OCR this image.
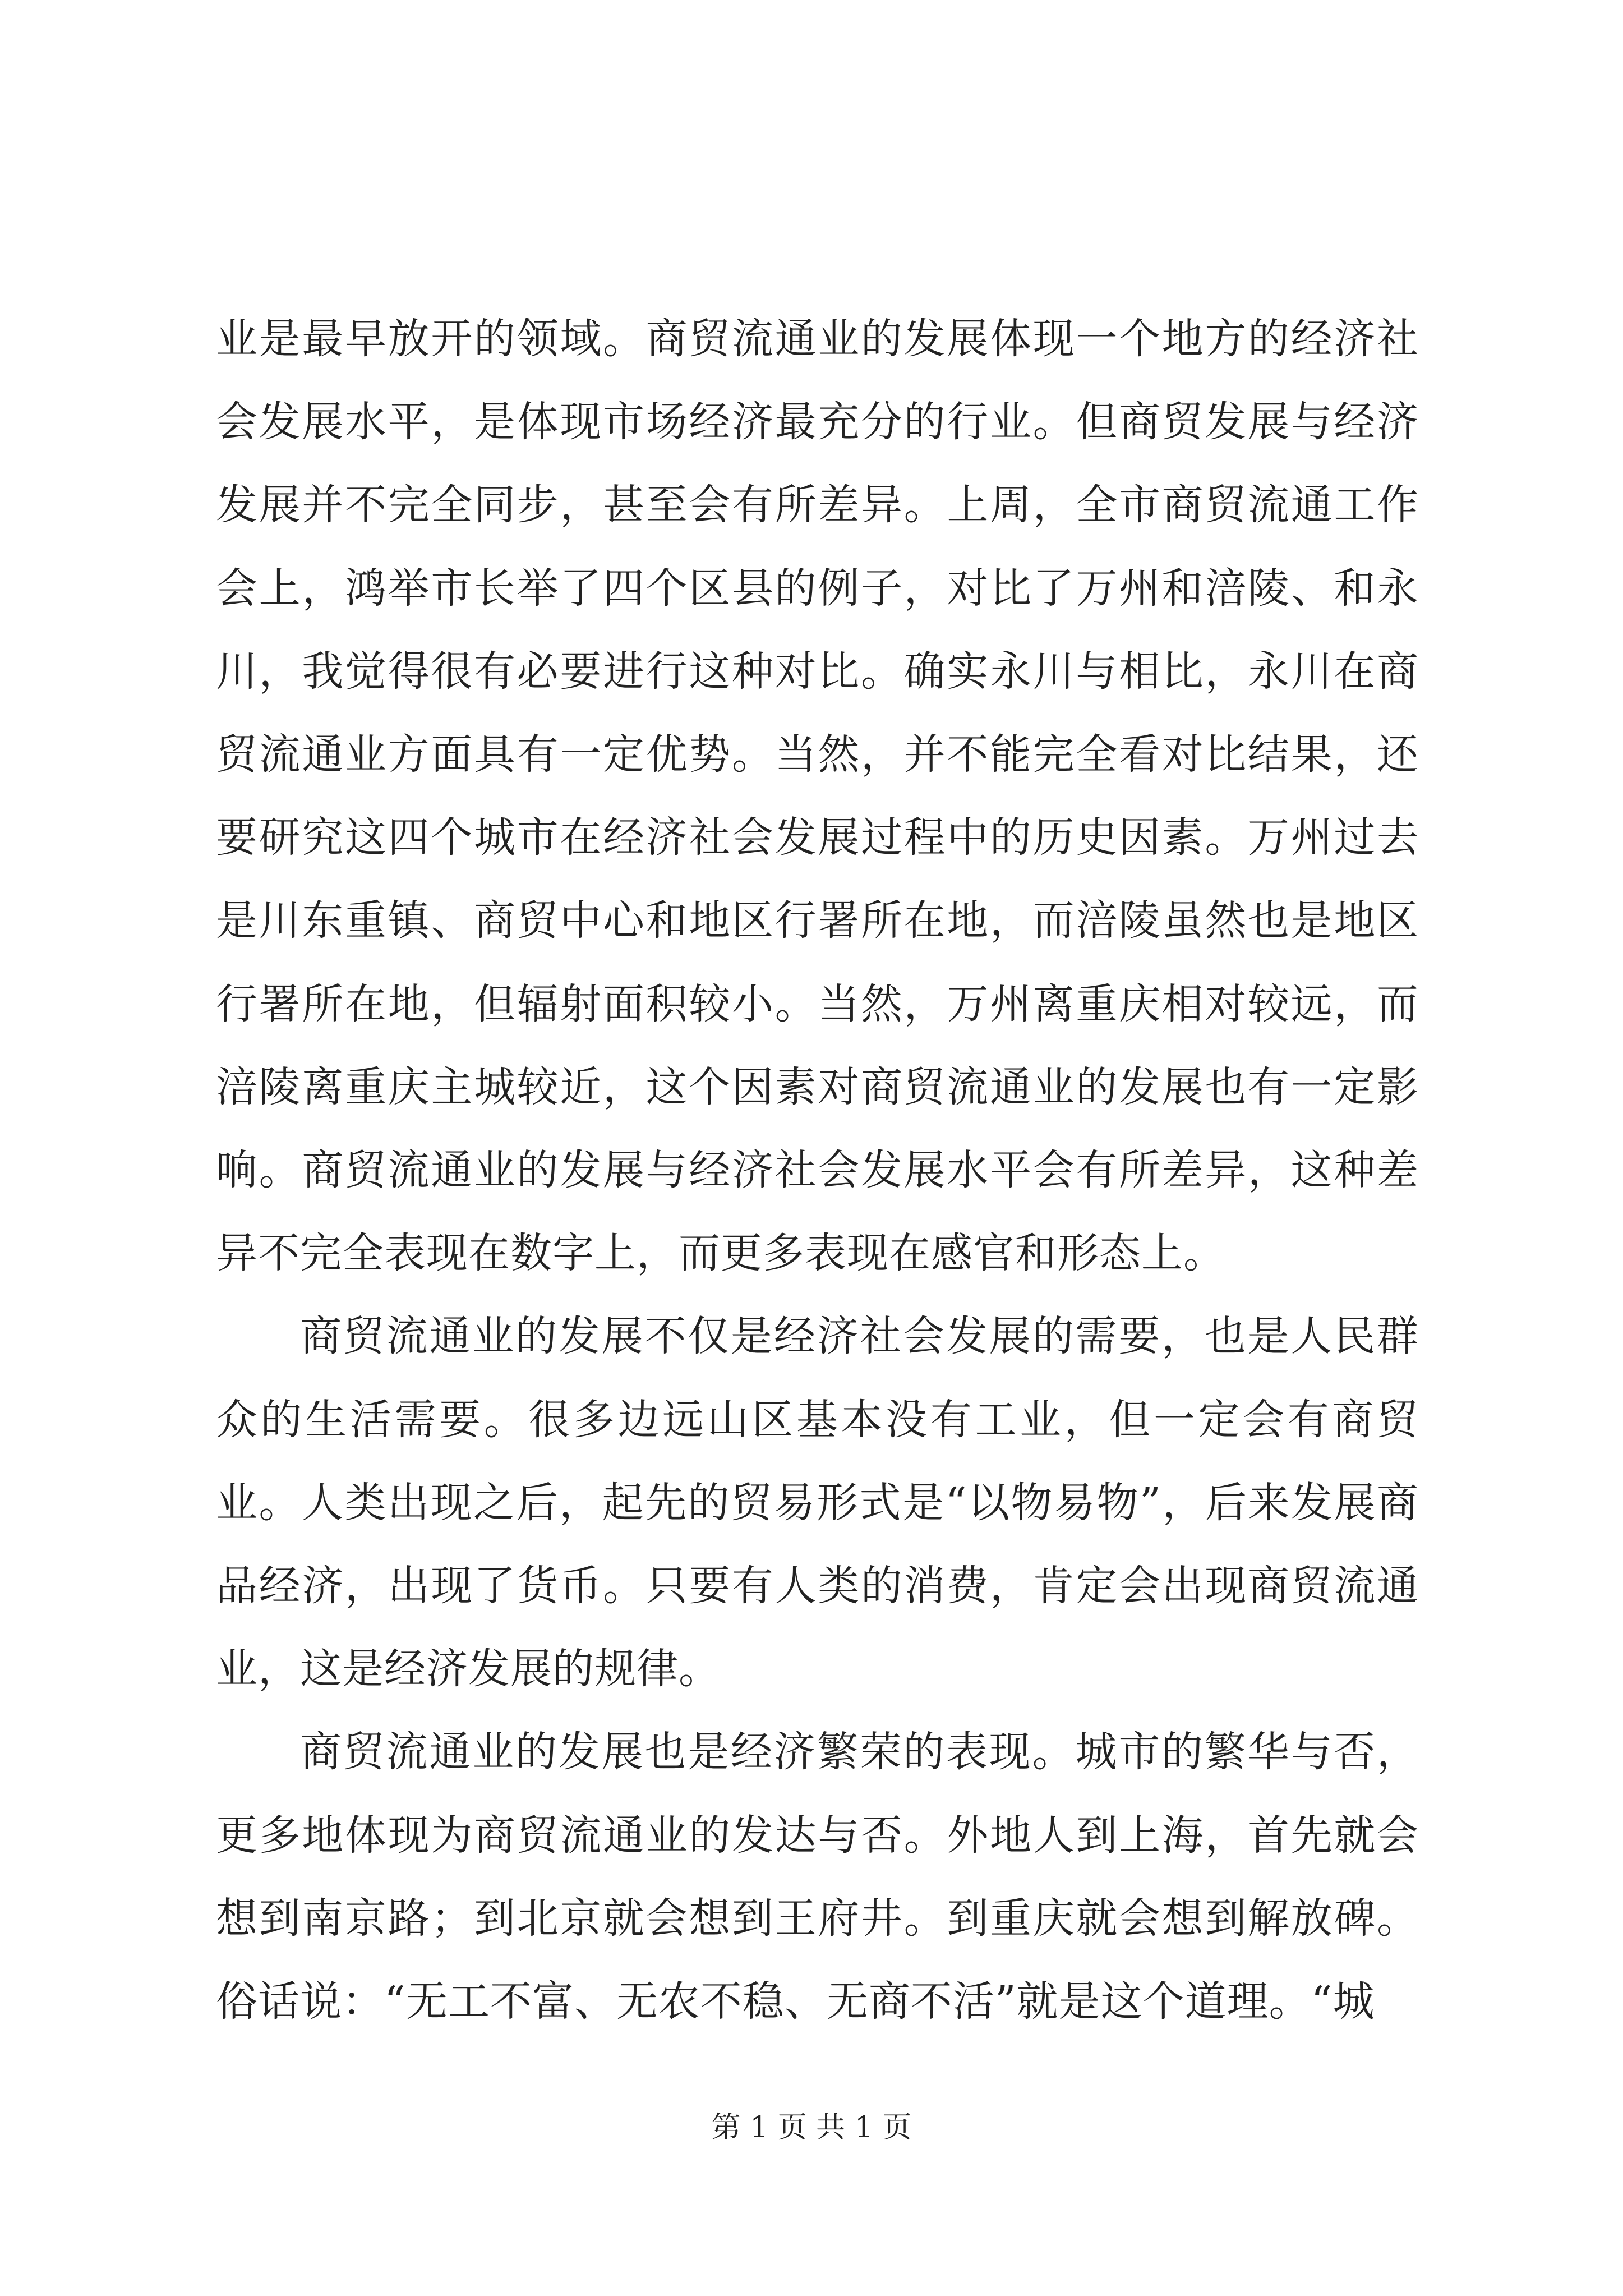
业是最早放开的领域。商贸流通业的发展体现一个地方的经济社会发展水平，是体现市场经济最充分的行业。但商贸发展与经济发展并不完全同步，甚至会有所差异。上周，全市商贸流通工作会上，鸿举市长举了四个区县的例子，对比了万州和涪陵、和永川，我觉得很有必要进行这种对比。确实永川与相比，永川在商贸流通业方面具有一定优势。当然，并不能完全看对比结果，还要研究这四个城市在经济社会发展过程中的历史因素。万州过去是川东重镇、商贸中心和地区行署所在地，而涪陵虽然也是地区行署所在地，但辐射面积较小。当然，万州离重庆相对较远，而涪陵离重庆主城较近，这个因素对商贸流通业的发展也有一定影响。商贸流通业的发展与经济社会发展水平会有所差异，这种差异不完全表现在数字上，而更多表现在感官和形态上。

商贸流通业的发展不仅是经济社会发展的需要，也是人民群众的生活需要。很多边远山区基本没有工业，但一定会有商贸业。人类出现之后，起先的贸易形式是“以物易物”，后来发展商品经济，出现了货币。只要有人类的消费，肯定会出现商贸流通业，这是经济发展的规律。

商贸流通业的发展也是经济繁荣的表现。城市的繁华与否，更多地体现为商贸流通业的发达与否。外地人到上海，首先就会想到南京路；到北京就会想到王府井。到重庆就会想到解放碑。俗话说：“无工不富、无农不稳、无商不活”就是这个道理。“城

第 1 页 共 1 页
